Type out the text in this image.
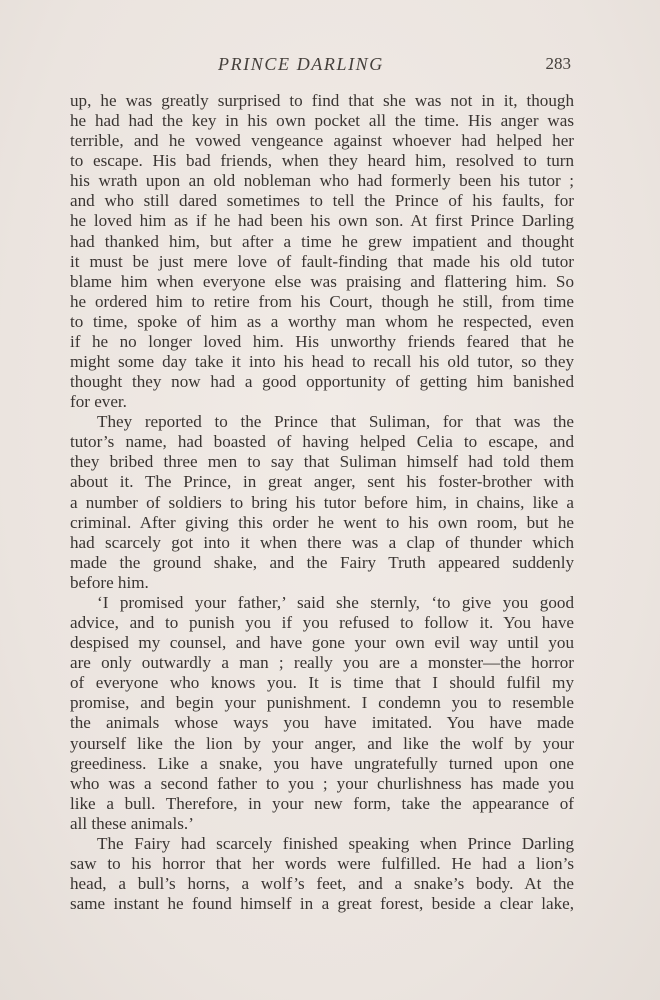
PRINCE DARLING	283
up, he was greatly surprised to find that she was not in it, though
he had had the key in his own pocket all the time. His anger was
terrible, and he vowed vengeance against whoever had helped her
to escape. His bad friends, when they heard him, resolved to turn
his wrath upon an old nobleman who had formerly been his tutor ;
and who still dared sometimes to tell the Prince of his faults, for
he loved him as if he had been his own son. At first Prince Darling
had thanked him, but after a time he grew impatient and thought
it must be just mere love of fault-finding that made his old tutor
blame him when everyone else was praising and flattering him. So
he ordered him to retire from his Court, though he still, from time
to time, spoke of him as a worthy man whom he respected, even
if he no longer loved him. His unworthy friends feared that he
might some day take it into his head to recall his old tutor, so they
thought they now had a good opportunity of getting him banished
for ever.
They reported to the Prince that Suliman, for that was the
tutor’s name, had boasted of having helped Celia to escape, and
they bribed three men to say that Suliman himself had told them
about it. The Prince, in great anger, sent his foster-brother with
a number of soldiers to bring his tutor before him, in chains, like a
criminal. After giving this order he went to his own room, but he
had scarcely got into it when there was a clap of thunder which
made the ground shake, and the Fairy Truth appeared suddenly
before him.
‘I promised your father,’ said she sternly, ‘to give you good
advice, and to punish you if you refused to follow it. You have
despised my counsel, and have gone your own evil way until you
are only outwardly a man ; really you are a monster—the horror
of everyone who knows you. It is time that I should fulfil my
promise, and begin your punishment. I condemn you to resemble
the animals whose ways you have imitated. You have made
yourself like the lion by your anger, and like the wolf by your
greediness. Like a snake, you have ungratefully turned upon one
who was a second father to you ; your churlishness has made you
like a bull. Therefore, in your new form, take the appearance of
all these animals.’
The Fairy had scarcely finished speaking when Prince Darling
saw to his horror that her words were fulfilled. He had a lion’s
head, a bull’s horns, a wolf’s feet, and a snake’s body. At the
same instant he found himself in a great forest, beside a clear lake,
